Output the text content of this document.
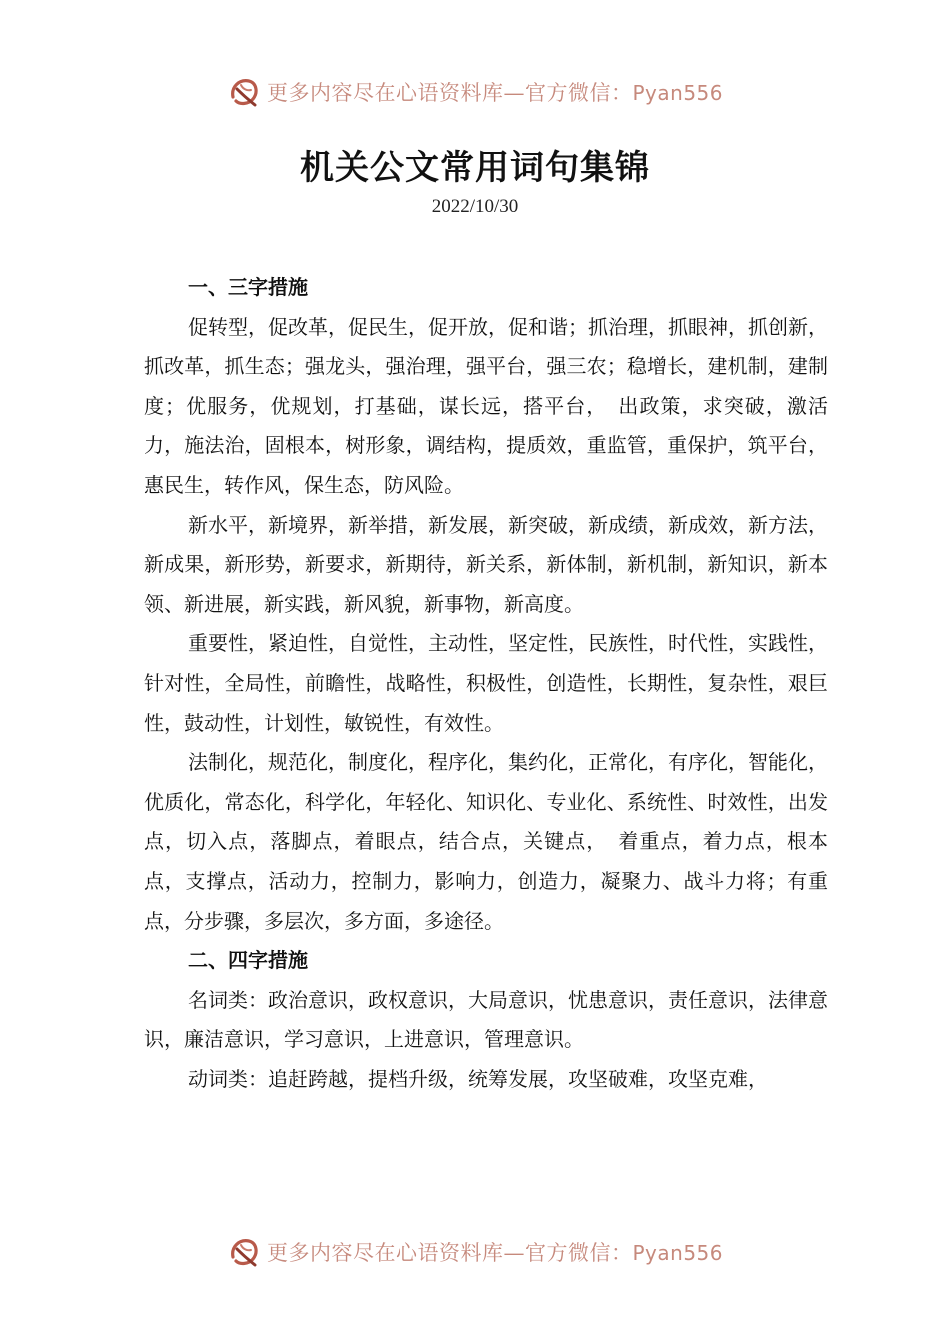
更多内容尽在心语资料库—官方微信：Pyan556
机关公文常用词句集锦
2022/10/30

一、三字措施

促转型，促改革，促民生，促开放，促和谐；抓治理，抓眼神，抓创新，抓改革，抓生态；强龙头，强治理，强平台，强三农；稳增长，建机制，建制度；优服务，优规划，打基础，谋长远，搭平台，　出政策，求突破，激活力，施法治，固根本，树形象，调结构，提质效，重监管，重保护，筑平台，惠民生，转作风，保生态，防风险。

新水平，新境界，新举措，新发展，新突破，新成绩，新成效，新方法，新成果，新形势，新要求，新期待，新关系，新体制，新机制，新知识，新本领、新进展，新实践，新风貌，新事物，新高度。

重要性，紧迫性，自觉性，主动性，坚定性，民族性，时代性，实践性，针对性，全局性，前瞻性，战略性，积极性，创造性，长期性，复杂性，艰巨性，鼓动性，计划性，敏锐性，有效性。

法制化，规范化，制度化，程序化，集约化，正常化，有序化，智能化，优质化，常态化，科学化，年轻化、知识化、专业化、系统性、时效性，出发点，切入点，落脚点，着眼点，结合点，关键点，　着重点，着力点，根本点，支撑点，活动力，控制力，影响力，创造力，凝聚力、战斗力将；有重点，分步骤，多层次，多方面，多途径。

二、四字措施

名词类：政治意识，政权意识，大局意识，忧患意识，责任意识，法律意识，廉洁意识，学习意识，上进意识，管理意识。

动词类：追赶跨越，提档升级，统筹发展，攻坚破难，攻坚克难，

更多内容尽在心语资料库—官方微信：Pyan556
